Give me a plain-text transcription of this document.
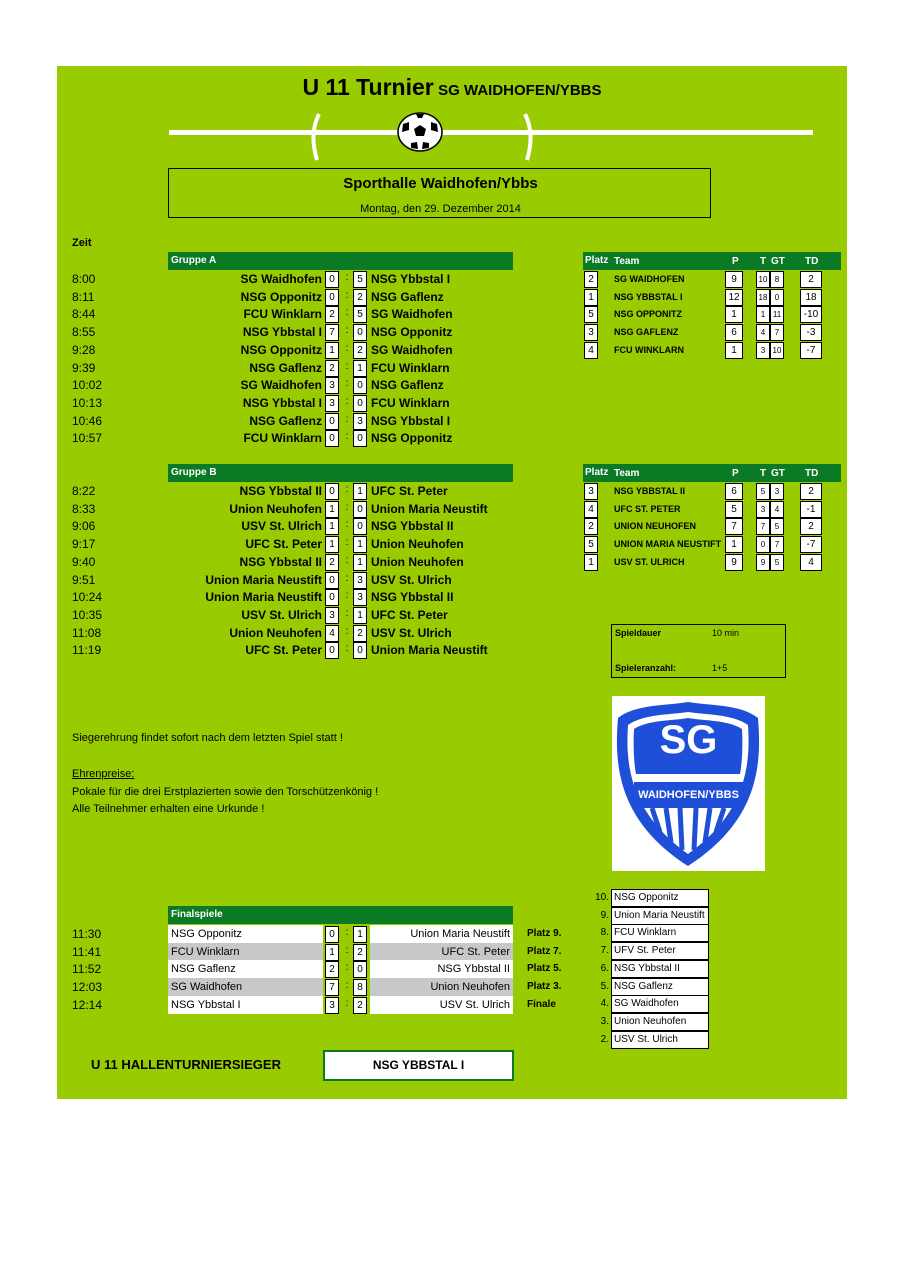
U 11 Turnier SG WAIDHOFEN/YBBS
Sporthalle Waidhofen/Ybbs
Montag, den 29. Dezember 2014
Zeit
Gruppe A
8:00	SG Waidhofen 0	: 5 NSG Ybbstal I
8:11	NSG Opponitz 0	: 2 NSG Gaflenz
8:44	FCU Winklarn 2	: 5 SG Waidhofen
8:55	NSG Ybbstal I 7	: 0 NSG Opponitz
9:28	NSG Opponitz 1	: 2 SG Waidhofen
9:39	NSG Gaflenz 2	: 1 FCU Winklarn
10:02	SG Waidhofen 3	: 0 NSG Gaflenz
10:13	NSG Ybbstal I 3	: 0 FCU Winklarn
10:46	NSG Gaflenz 0	: 3 NSG Ybbstal I
10:57	FCU Winklarn 0	: 0 NSG Opponitz
Platz Team	P T GT TD
2	SG WAIDHOFEN	9	10 8	2
1	NSG YBBSTAL I	12	18 0	18
5	NSG OPPONITZ	1	1 11	-10
3	NSG GAFLENZ	6	4	7	-3
4	FCU WINKLARN	1	3 10	-7
Gruppe B
8:22	NSG Ybbstal II 0	: 1 UFC St. Peter
8:33	Union Neuhofen 1	: 0 Union Maria Neustift
9:06	USV St. Ulrich 1	: 0 NSG Ybbstal II
9:17	UFC St. Peter 1	: 1 Union Neuhofen
9:40	NSG Ybbstal II 2	: 1 Union Neuhofen
9:51	Union Maria Neustift 0	: 3 USV St. Ulrich
10:24	Union Maria Neustift 0	: 3 NSG Ybbstal II
10:35	USV St. Ulrich 3	: 1 UFC St. Peter
11:08	Union Neuhofen 4	: 2 USV St. Ulrich
11:19	UFC St. Peter 0	: 0 Union Maria Neustift
Platz Team	P T GT TD
3	NSG YBBSTAL II	6	5	3	2
4	UFC ST. PETER	5	3	4	-1
2	UNION NEUHOFEN	7	7	5	2
5	UNION MARIA NEUSTIFT	1	0	7	-7
1	USV ST. ULRICH	9	9	5	4
Spieldauer	10 min
Spieleranzahl:	1+5
Siegerehrung findet sofort nach dem letzten Spiel statt !
Ehrenpreise:
Pokale für die drei Erstplazierten sowie den Torschützenkönig !
Alle Teilnehmer erhalten eine Urkunde !
SG
WAIDHOFEN/YBBS
10. NSG Opponitz
9. Union Maria Neustift
8. FCU Winklarn
7. UFV St. Peter
6. NSG Ybbstal II
5. NSG Gaflenz
4. SG Waidhofen
3. Union Neuhofen
2. USV St. Ulrich
Finalspiele
11:30	NSG Opponitz	0	: 1	Union Maria Neustift	Platz 9.
11:41	FCU Winklarn	1	: 2	UFC St. Peter	Platz 7.
11:52	NSG Gaflenz	2	: 0	NSG Ybbstal II	Platz 5.
12:03	SG Waidhofen	7	: 8	Union Neuhofen	Platz 3.
12:14	NSG Ybbstal I	3	: 2	USV St. Ulrich	Finale
U 11 HALLENTURNIERSIEGER	NSG YBBSTAL I
